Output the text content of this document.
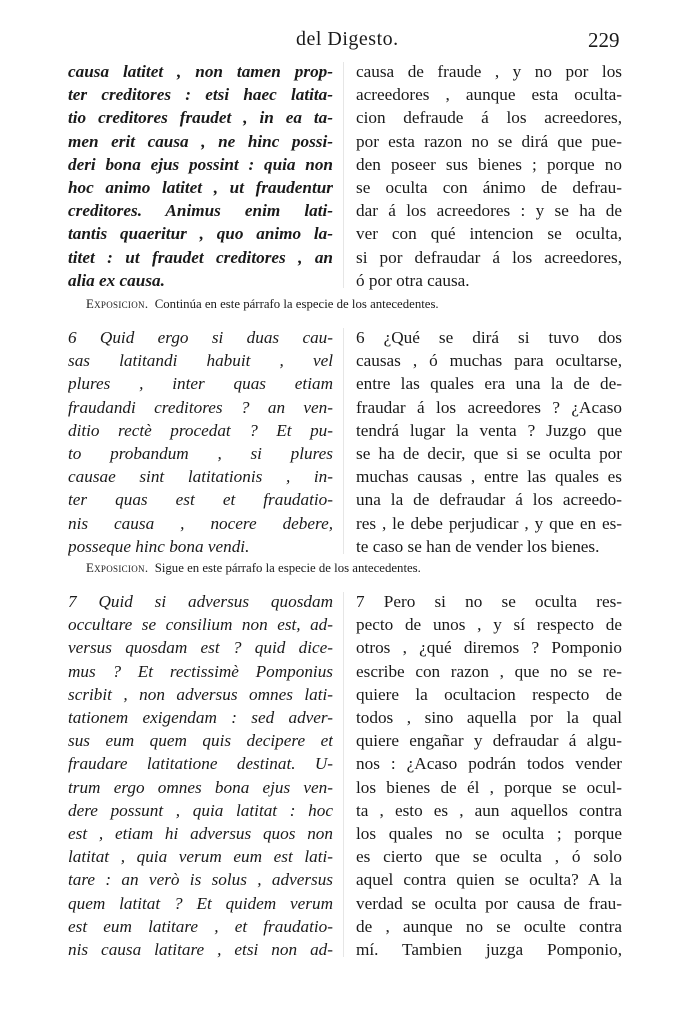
del Digesto.	229
causa latitet , non tamen prop-
ter creditores : etsi haec latita-
tio creditores fraudet , in ea ta-
men erit causa , ne hinc possi-
deri bona ejus possint : quia non
hoc animo latitet , ut fraudentur
creditores. Animus enim lati-
tantis quaeritur , quo animo la-
titet : ut fraudet creditores , an
alia ex causa.
causa de fraude , y no por los
acreedores , aunque esta oculta-
cion defraude á los acreedores,
por esta razon no se dirá que pue-
den poseer sus bienes ; porque no
se oculta con ánimo de defrau-
dar á los acreedores : y se ha de
ver con qué intencion se oculta,
si por defraudar á los acreedores,
ó por otra causa.
Exposicion. Continúa en este párrafo la especie de los antecedentes.
6 Quid ergo si duas cau-
sas latitandi habuit , vel
plures , inter quas etiam
fraudandi creditores ? an ven-
ditio rectè procedat ? Et pu-
to probandum , si plures
causae sint latitationis , in-
ter quas est et fraudatio-
nis causa , nocere debere,
posseque hinc bona vendi.
6 ¿Qué se dirá si tuvo dos
causas , ó muchas para ocultarse,
entre las quales era una la de de-
fraudar á los acreedores ? ¿Acaso
tendrá lugar la venta ? Juzgo que
se ha de decir, que si se oculta por
muchas causas , entre las quales es
una la de defraudar á los acreedo-
res , le debe perjudicar , y que en es-
te caso se han de vender los bienes.
Exposicion. Sigue en este párrafo la especie de los antecedentes.
7 Quid si adversus quosdam
occultare se consilium non est, ad-
versus quosdam est ? quid dice-
mus ? Et rectissimè Pomponius
scribit , non adversus omnes lati-
tationem exigendam : sed adver-
sus eum quem quis decipere et
fraudare latitatione destinat. U-
trum ergo omnes bona ejus ven-
dere possunt , quia latitat : hoc
est , etiam hi adversus quos non
latitat , quia verum eum est lati-
tare : an verò is solus , adversus
quem latitat ? Et quidem verum
est eum latitare , et fraudatio-
nis causa latitare , etsi non ad-
7 Pero si no se oculta res-
pecto de unos , y sí respecto de
otros , ¿qué diremos ? Pomponio
escribe con razon , que no se re-
quiere la ocultacion respecto de
todos , sino aquella por la qual
quiere engañar y defraudar á algu-
nos : ¿Acaso podrán todos vender
los bienes de él , porque se ocul-
ta , esto es , aun aquellos contra
los quales no se oculta ; porque
es cierto que se oculta , ó solo
aquel contra quien se oculta? A la
verdad se oculta por causa de frau-
de , aunque no se oculte contra
mí. Tambien juzga Pomponio,
